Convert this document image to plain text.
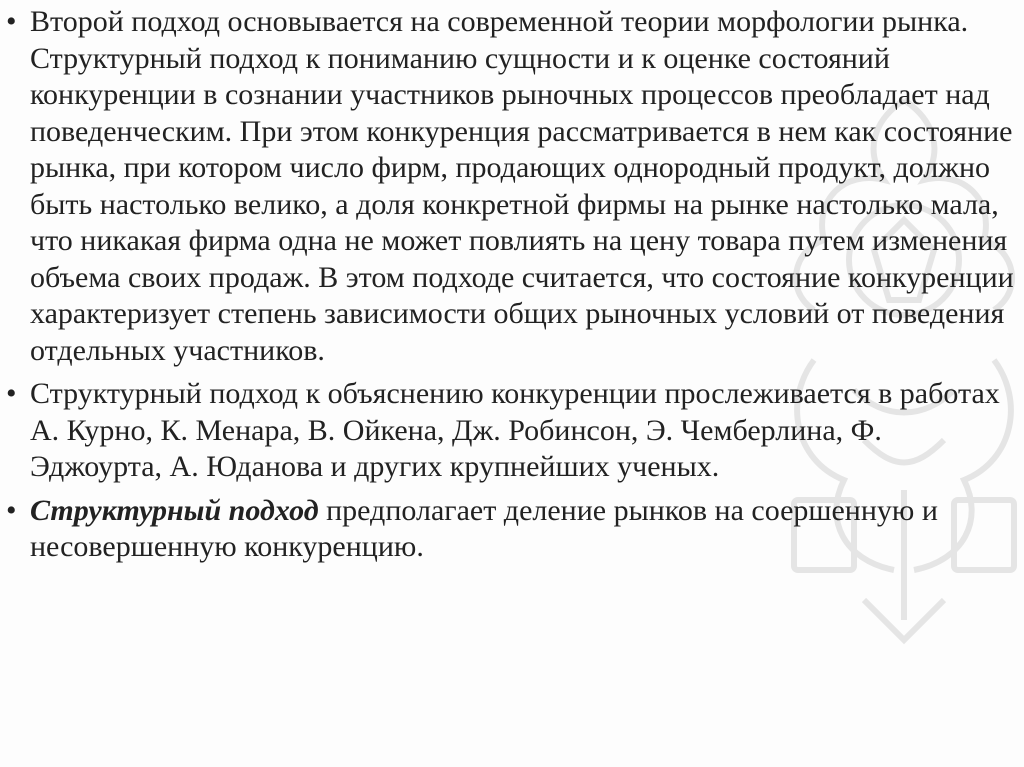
• Второй подход основывается на современной теории морфологии рынка. Структурный подход к пониманию сущности и к оценке состояний конкуренции в сознании участников рыночных процессов преобладает над поведенческим. При этом конкуренция рассматривается в нем как состояние рынка, при котором число фирм, продающих однородный продукт, должно быть настолько велико, а доля конкретной фирмы на рынке настолько мала, что никакая фирма одна не может повлиять на цену товара путем изменения объема своих продаж. В этом подходе считается, что состояние конкуренции характеризует степень зависимости общих рыночных условий от поведения отдельных участников.

• Структурный подход к объяснению конкуренции прослеживается в работах А. Курно, К. Менара, В. Ойкена, Дж. Робинсон, Э. Чемберлина, Ф. Эджоурта, А. Юданова и других крупнейших ученых.

• Структурный подход предполагает деление рынков на соершенную и несовершенную конкуренцию.
